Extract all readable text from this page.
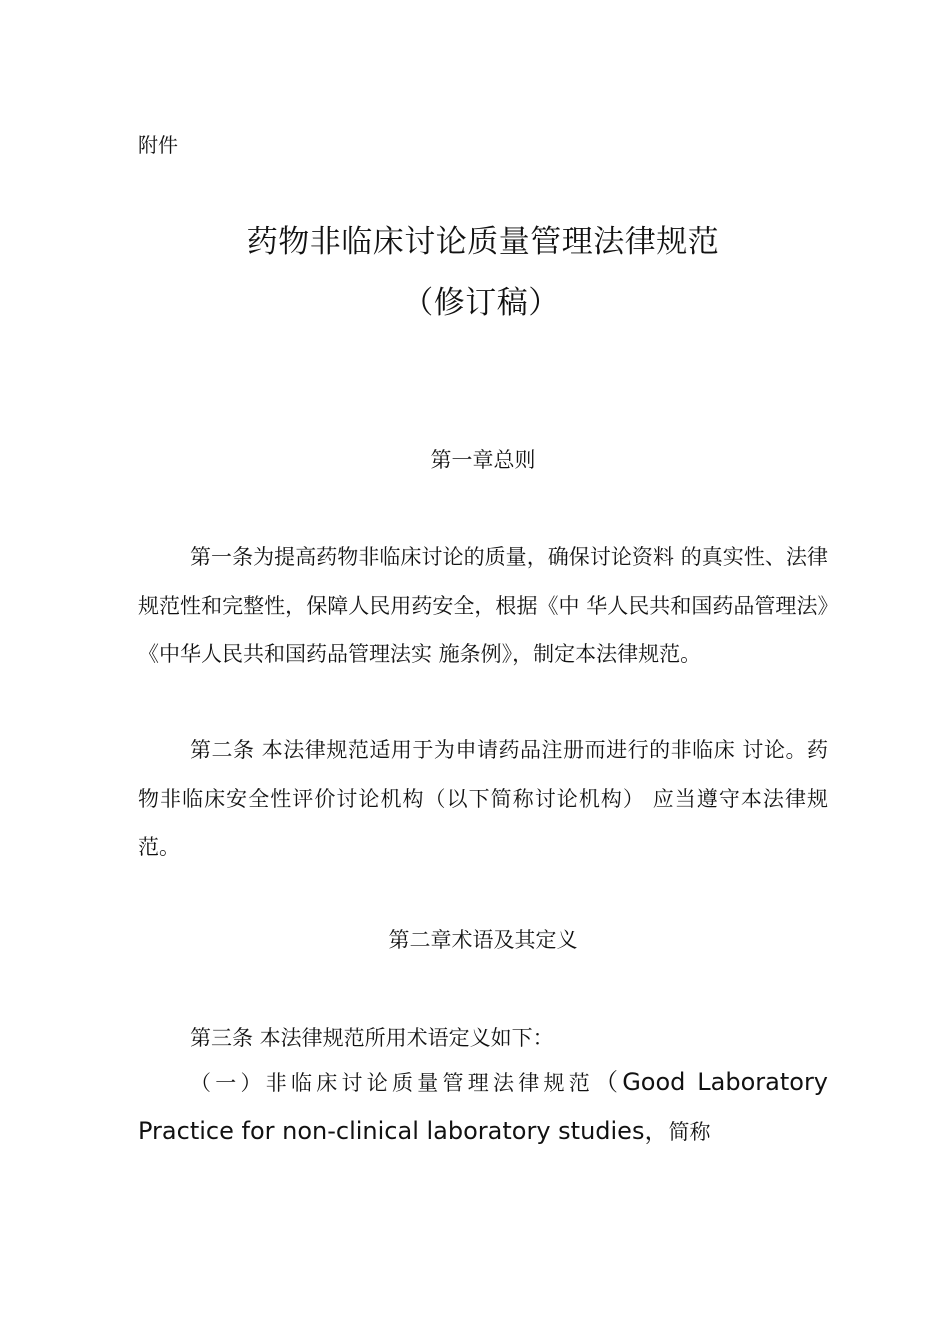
附件
药物非临床讨论质量管理法律规范
（修订稿）
第一章总则

第一条为提高药物非临床讨论的质量，确保讨论资料 的真实性、法律规范性和完整性，保障人民用药安全，根据《中 华人民共和国药品管理法》《中华人民共和国药品管理法实 施条例》，制定本法律规范。

第二条 本法律规范适用于为申请药品注册而进行的非临床 讨论。药物非临床安全性评价讨论机构（以下简称讨论机构） 应当遵守本法律规范。

第二章术语及其定义

第三条 本法律规范所用术语定义如下：

（一）非临床讨论质量管理法律规范（Good Laboratory Practice for non-clinical laboratory studies，简称
